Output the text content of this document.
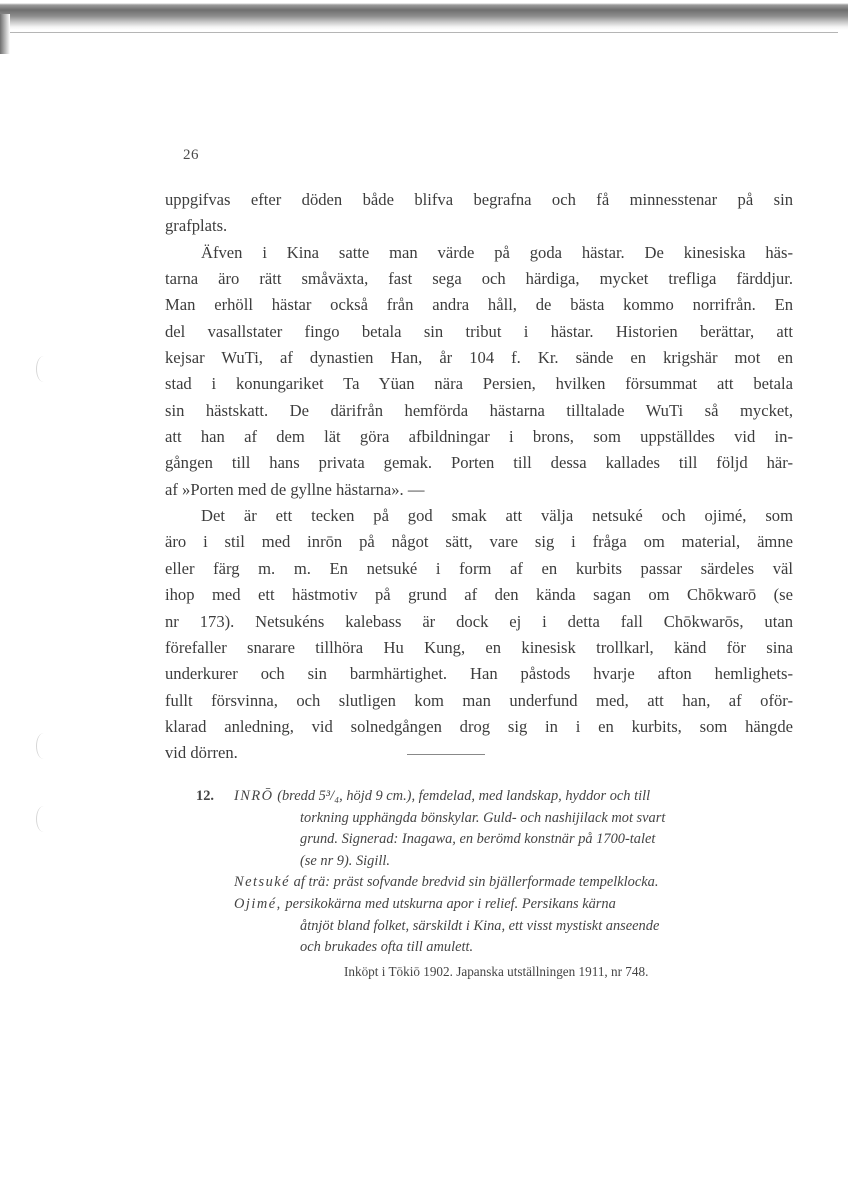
26

uppgifvas efter döden både blifva begrafna och få minnesstenar på sin

grafplats.

Äfven i Kina satte man värde på goda hästar. De kinesiska häs-

tarna äro rätt småväxta, fast sega och härdiga, mycket trefliga färddjur.

Man erhöll hästar också från andra håll, de bästa kommo norrifrån. En

del vasallstater fingo betala sin tribut i hästar. Historien berättar, att

kejsar WuTi, af dynastien Han, år 104 f. Kr. sände en krigshär mot en

stad i konungariket Ta Yüan nära Persien, hvilken försummat att betala

sin hästskatt. De därifrån hemförda hästarna tilltalade WuTi så mycket,

att han af dem lät göra afbildningar i brons, som uppställdes vid in-

gången till hans privata gemak. Porten till dessa kallades till följd här-

af »Porten med de gyllne hästarna». —

Det är ett tecken på god smak att välja netsuké och ojimé, som

äro i stil med inrōn på något sätt, vare sig i fråga om material, ämne

eller färg m. m. En netsuké i form af en kurbits passar särdeles väl

ihop med ett hästmotiv på grund af den kända sagan om Chōkwarō (se

nr 173). Netsukéns kalebass är dock ej i detta fall Chōkwarōs, utan

förefaller snarare tillhöra Hu Kung, en kinesisk trollkarl, känd för sina

underkurer och sin barmhärtighet. Han påstods hvarje afton hemlighets-

fullt försvinna, och slutligen kom man underfund med, att han, af oför-

klarad anledning, vid solnedgången drog sig in i en kurbits, som hängde

vid dörren.

12. INRŌ (bredd 5³/₄, höjd 9 cm.), femdelad, med landskap, hyddor och till

torkning upphängda bönskylar. Guld- och nashijilack mot svart

grund. Signerad: Inagawa, en berömd konstnär på 1700-talet

(se nr 9). Sigill.

Netsuké af trä: präst sofvande bredvid sin bjällerformade tempelklocka.

Ojimé, persikokärna med utskurna apor i relief. Persikans kärna

åtnjöt bland folket, särskildt i Kina, ett visst mystiskt anseende

och brukades ofta till amulett.

Inköpt i Tōkiō 1902. Japanska utställningen 1911, nr 748.
